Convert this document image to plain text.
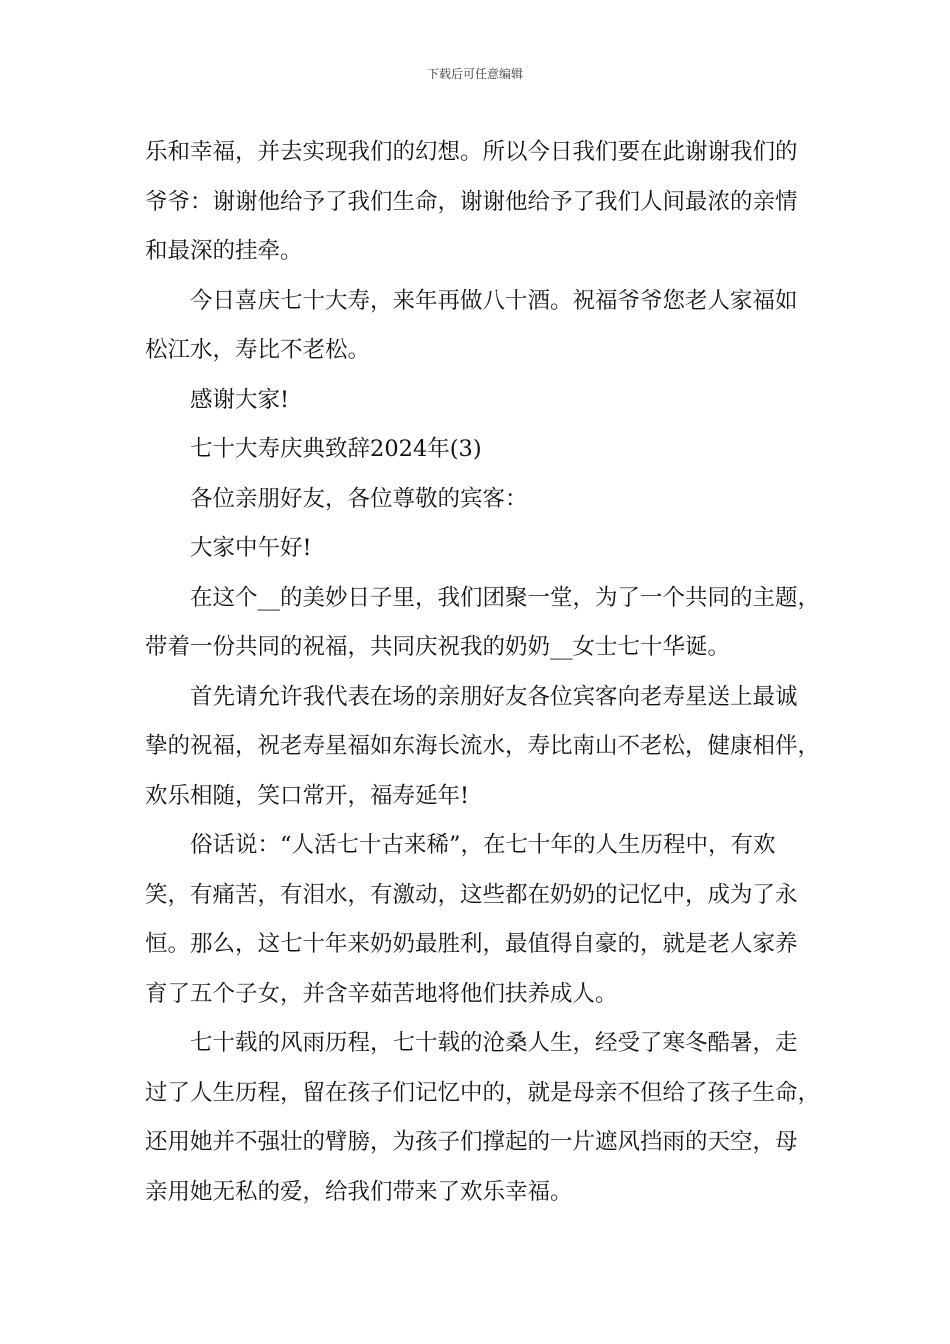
下载后可任意编辑

乐和幸福，并去实现我们的幻想。所以今日我们要在此谢谢我们的

爷爷：谢谢他给予了我们生命，谢谢他给予了我们人间最浓的亲情

和最深的挂牵。

今日喜庆七十大寿，来年再做八十酒。祝福爷爷您老人家福如

松江水，寿比不老松。

感谢大家!

七十大寿庆典致辞2024年(3)

各位亲朋好友，各位尊敬的宾客：

大家中午好!

在这个__的美妙日子里，我们团聚一堂，为了一个共同的主题，

带着一份共同的祝福，共同庆祝我的奶奶__女士七十华诞。

首先请允许我代表在场的亲朋好友各位宾客向老寿星送上最诚

挚的祝福，祝老寿星福如东海长流水，寿比南山不老松，健康相伴，

欢乐相随，笑口常开，福寿延年!

俗话说：“人活七十古来稀”，在七十年的人生历程中，有欢

笑，有痛苦，有泪水，有激动，这些都在奶奶的记忆中，成为了永

恒。那么，这七十年来奶奶最胜利，最值得自豪的，就是老人家养

育了五个子女，并含辛茹苦地将他们扶养成人。

七十载的风雨历程，七十载的沧桑人生，经受了寒冬酷暑，走

过了人生历程，留在孩子们记忆中的，就是母亲不但给了孩子生命，

还用她并不强壮的臂膀，为孩子们撑起的一片遮风挡雨的天空，母

亲用她无私的爱，给我们带来了欢乐幸福。
